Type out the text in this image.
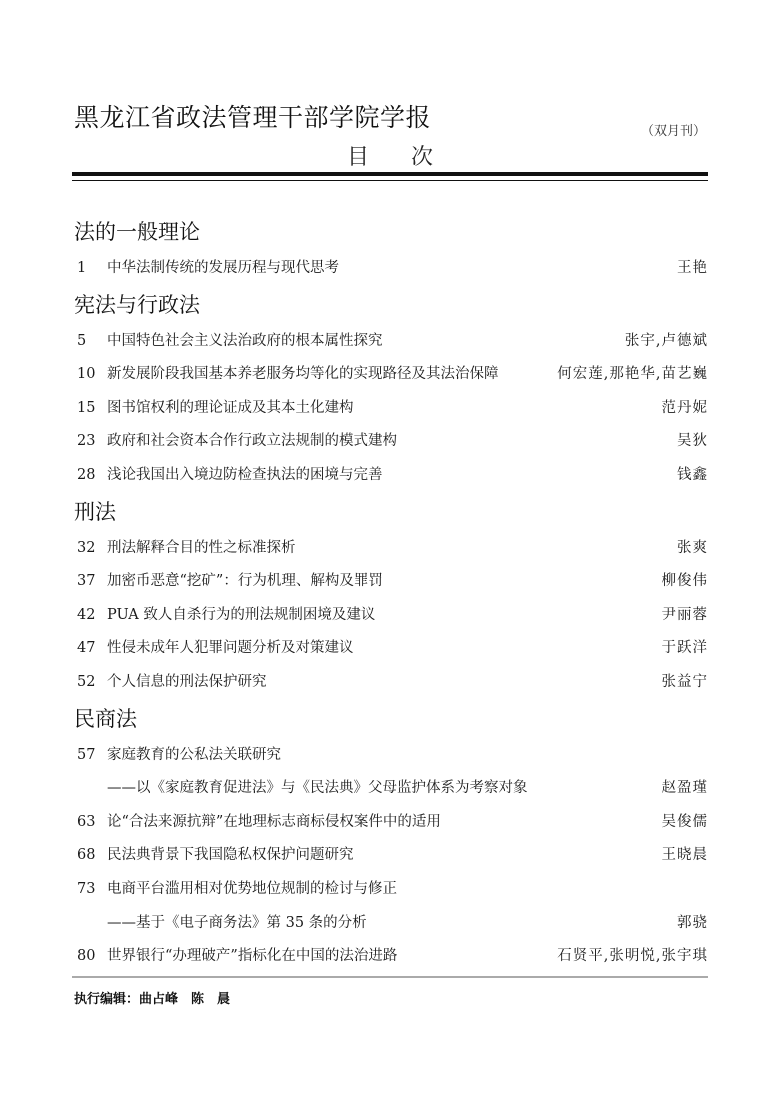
黑龙江省政法管理干部学院学报	（双月刊）
目次
法的一般理论
1 中华法制传统的发展历程与现代思考	王艳
宪法与行政法
5 中国特色社会主义法治政府的根本属性探究	张宇,卢德斌
10 新发展阶段我国基本养老服务均等化的实现路径及其法治保障	何宏莲,那艳华,苗艺巍
15 图书馆权利的理论证成及其本土化建构	范丹妮
23 政府和社会资本合作行政立法规制的模式建构	吴狄
28 浅论我国出入境边防检查执法的困境与完善	钱鑫
刑法
32 刑法解释合目的性之标准探析	张爽
37 加密币恶意“挖矿”：行为机理、解构及罪罚	柳俊伟
42 PUA 致人自杀行为的刑法规制困境及建议	尹丽蓉
47 性侵未成年人犯罪问题分析及对策建议	于跃洋
52 个人信息的刑法保护研究	张益宁
民商法
57 家庭教育的公私法关联研究
——以《家庭教育促进法》与《民法典》父母监护体系为考察对象	赵盈瑾
63 论“合法来源抗辩”在地理标志商标侵权案件中的适用	吴俊儒
68 民法典背景下我国隐私权保护问题研究	王晓晨
73 电商平台滥用相对优势地位规制的检讨与修正
——基于《电子商务法》第 35 条的分析	郭骁
80 世界银行“办理破产”指标化在中国的法治进路	石贤平,张明悦,张宇琪
执行编辑：曲占峰　陈　晨
